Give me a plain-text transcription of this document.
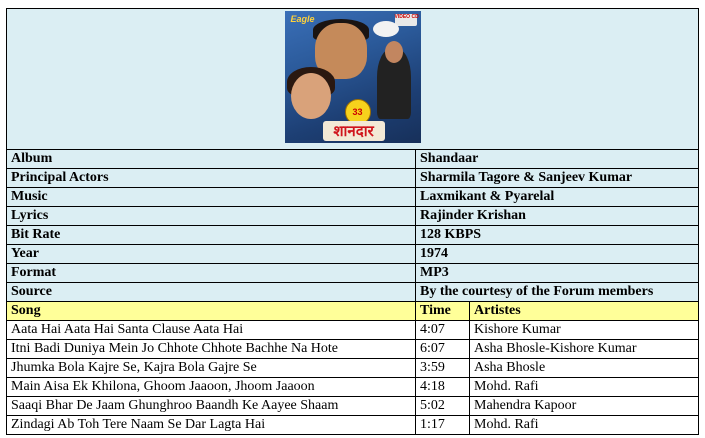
Eagle VIDEO CD
33
शानदार		

Album	Shandaar	
Principal Actors	Sharmila Tagore & Sanjeev Kumar	
Music	Laxmikant & Pyarelal	
Lyrics	Rajinder Krishan	
Bit Rate	128 KBPS	
Year	1974	
Format	MP3	
Source	By the courtesy of the Forum members	
Song	Time	Artistes
Aata Hai Aata Hai Santa Clause Aata Hai	4:07	Kishore Kumar
Itni Badi Duniya Mein Jo Chhote Chhote Bachhe Na Hote	6:07	Asha Bhosle-Kishore Kumar
Jhumka Bola Kajre Se, Kajra Bola Gajre Se	3:59	Asha Bhosle
Main Aisa Ek Khilona, Ghoom Jaaoon, Jhoom Jaaoon	4:18	Mohd. Rafi
Saaqi Bhar De Jaam Ghunghroo Baandh Ke Aayee Shaam	5:02	Mahendra Kapoor
Zindagi Ab Toh Tere Naam Se Dar Lagta Hai	1:17	Mohd. Rafi
